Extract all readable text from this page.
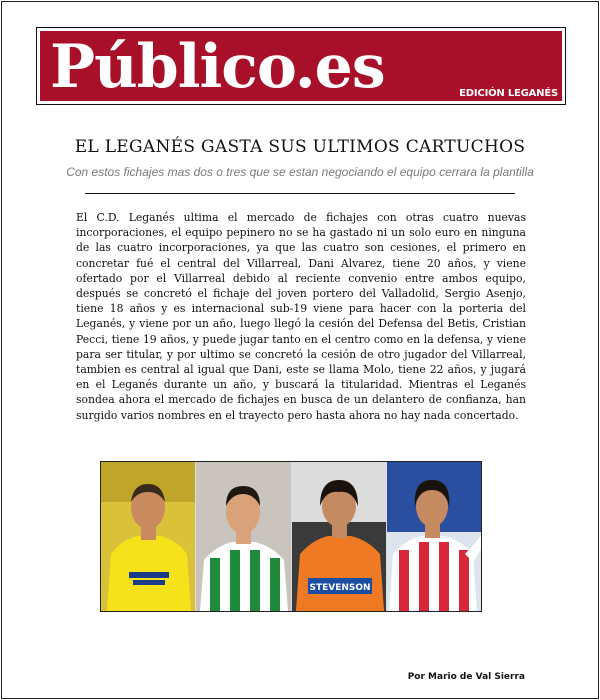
Público.es	EDICIÓN LEGANÉS
EL LEGANÉS GASTA SUS ULTIMOS CARTUCHOS
Con estos fichajes mas dos o tres que se estan negociando el equipo cerrara la plantilla

El C.D. Leganés ultima el mercado de fichajes con otras cuatro nuevas incorporaciones, el equipo pepinero no se ha gastado ni un solo euro en ninguna de las cuatro incorporaciones, ya que las cuatro son cesiones, el primero en concretar fué el central del Villarreal, Dani Alvarez, tiene 20 años, y viene ofertado por el Villarreal debido al reciente convenio entre ambos equipo, después se concretó el fichaje del joven portero del Valladolid, Sergio Asenjo, tiene 18 años y es internacional sub-19 viene para hacer con la porteria del Leganés, y viene por un año, luego llegó la cesión del Defensa del Betis, Cristian Pecci, tiene 19 años, y puede jugar tanto en el centro como en la defensa, y viene para ser titular, y por ultimo se concretó la cesión de otro jugador del Villarreal, tambien es central al igual que Dani, este se llama Molo, tiene 22 años, y jugará en el Leganés durante un año, y buscará la titularidad. Mientras el Leganés sondea ahora el mercado de fichajes en busca de un delantero de confianza, han surgido varios nombres en el trayecto pero hasta ahora no hay nada concertado.

STEVENSON
Por Mario de Val Sierra
